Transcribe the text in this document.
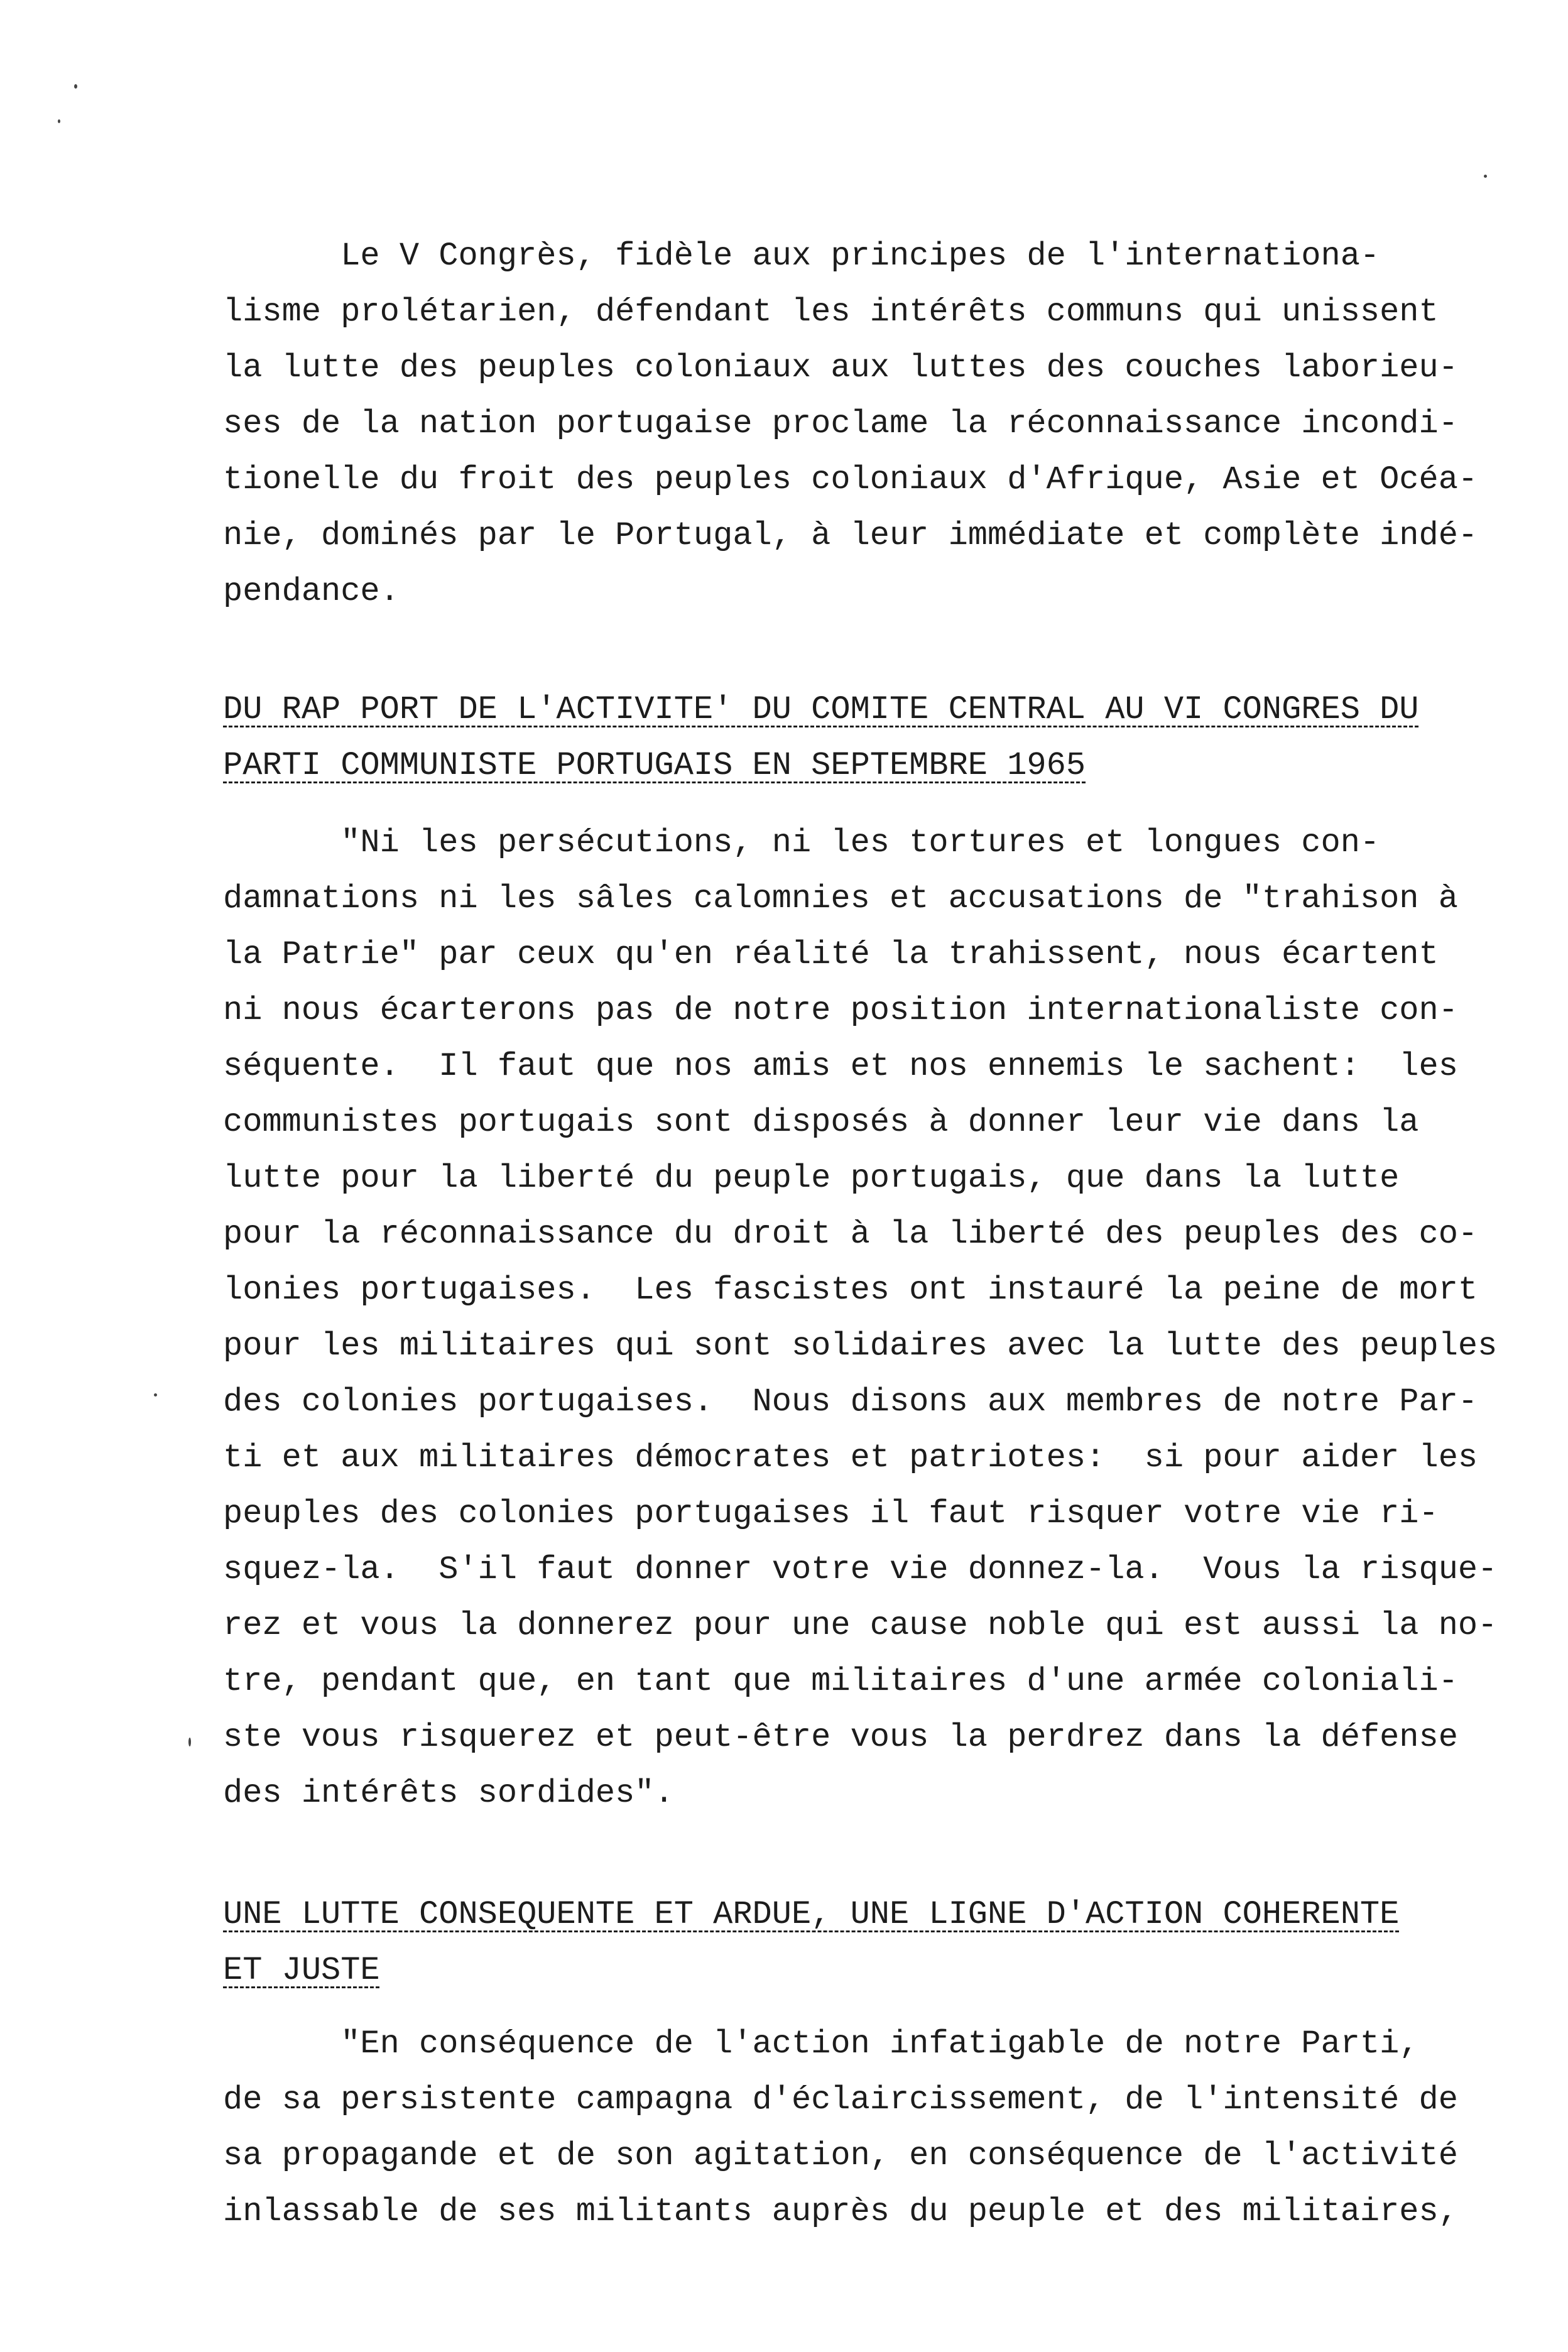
Le V Congrès, fidèle aux principes de l'internationa-
lisme prolétarien, défendant les intérêts communs qui unissent
la lutte des peuples coloniaux aux luttes des couches laborieu-
ses de la nation portugaise proclame la réconnaissance incondi-
tionelle du froit des peuples coloniaux d'Afrique, Asie et Océa-
nie, dominés par le Portugal, à leur immédiate et complète indé-
pendance.
DU RAP PORT DE L'ACTIVITE' DU COMITE CENTRAL AU VI CONGRES DU
PARTI COMMUNISTE PORTUGAIS EN SEPTEMBRE 1965
"Ni les persécutions, ni les tortures et longues con-
damnations ni les sâles calomnies et accusations de "trahison à
la Patrie" par ceux qu'en réalité la trahissent, nous écartent
ni nous écarterons pas de notre position internationaliste con-
séquente.  Il faut que nos amis et nos ennemis le sachent:  les
communistes portugais sont disposés à donner leur vie dans la
lutte pour la liberté du peuple portugais, que dans la lutte
pour la réconnaissance du droit à la liberté des peuples des co-
lonies portugaises.  Les fascistes ont instauré la peine de mort
pour les militaires qui sont solidaires avec la lutte des peuples
des colonies portugaises.  Nous disons aux membres de notre Par-
ti et aux militaires démocrates et patriotes:  si pour aider les
peuples des colonies portugaises il faut risquer votre vie ri-
squez-la.  S'il faut donner votre vie donnez-la.  Vous la risque-
rez et vous la donnerez pour une cause noble qui est aussi la no-
tre, pendant que, en tant que militaires d'une armée coloniali-
ste vous risquerez et peut-être vous la perdrez dans la défense
des intérêts sordides".
UNE LUTTE CONSEQUENTE ET ARDUE, UNE LIGNE D'ACTION COHERENTE
ET JUSTE
"En conséquence de l'action infatigable de notre Parti,
de sa persistente campagna d'éclaircissement, de l'intensité de
sa propagande et de son agitation, en conséquence de l'activité
inlassable de ses militants auprès du peuple et des militaires,
